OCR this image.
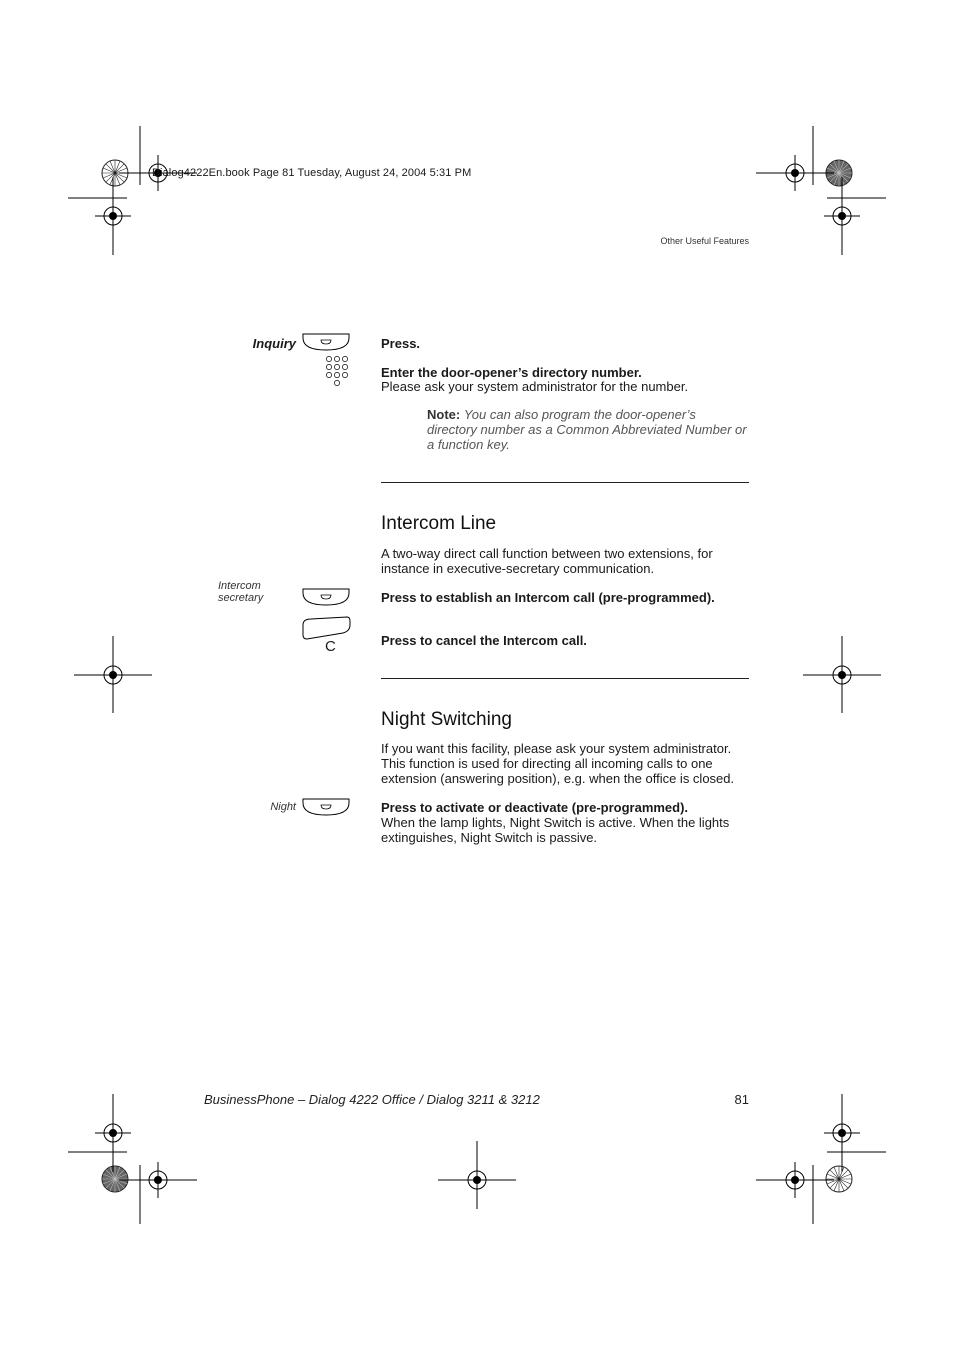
Dialog4222En.book Page 81 Tuesday, August 24, 2004 5:31 PM
Other Useful Features
Inquiry	Press.
Enter the door-opener’s directory number.
Please ask your system administrator for the number.
Note: You can also program the door-opener’s directory number as a Common Abbreviated Number or a function key.
Intercom Line
A two-way direct call function between two extensions, for instance in executive-secretary communication.
Intercom
secretary	Press to establish an Intercom call (pre-programmed).
C	Press to cancel the Intercom call.
Night Switching
If you want this facility, please ask your system administrator. This function is used for directing all incoming calls to one extension (answering position), e.g. when the office is closed.
Night	Press to activate or deactivate (pre-programmed).
When the lamp lights, Night Switch is active. When the lights extinguishes, Night Switch is passive.
BusinessPhone – Dialog 4222 Office / Dialog 3211 & 3212	81
